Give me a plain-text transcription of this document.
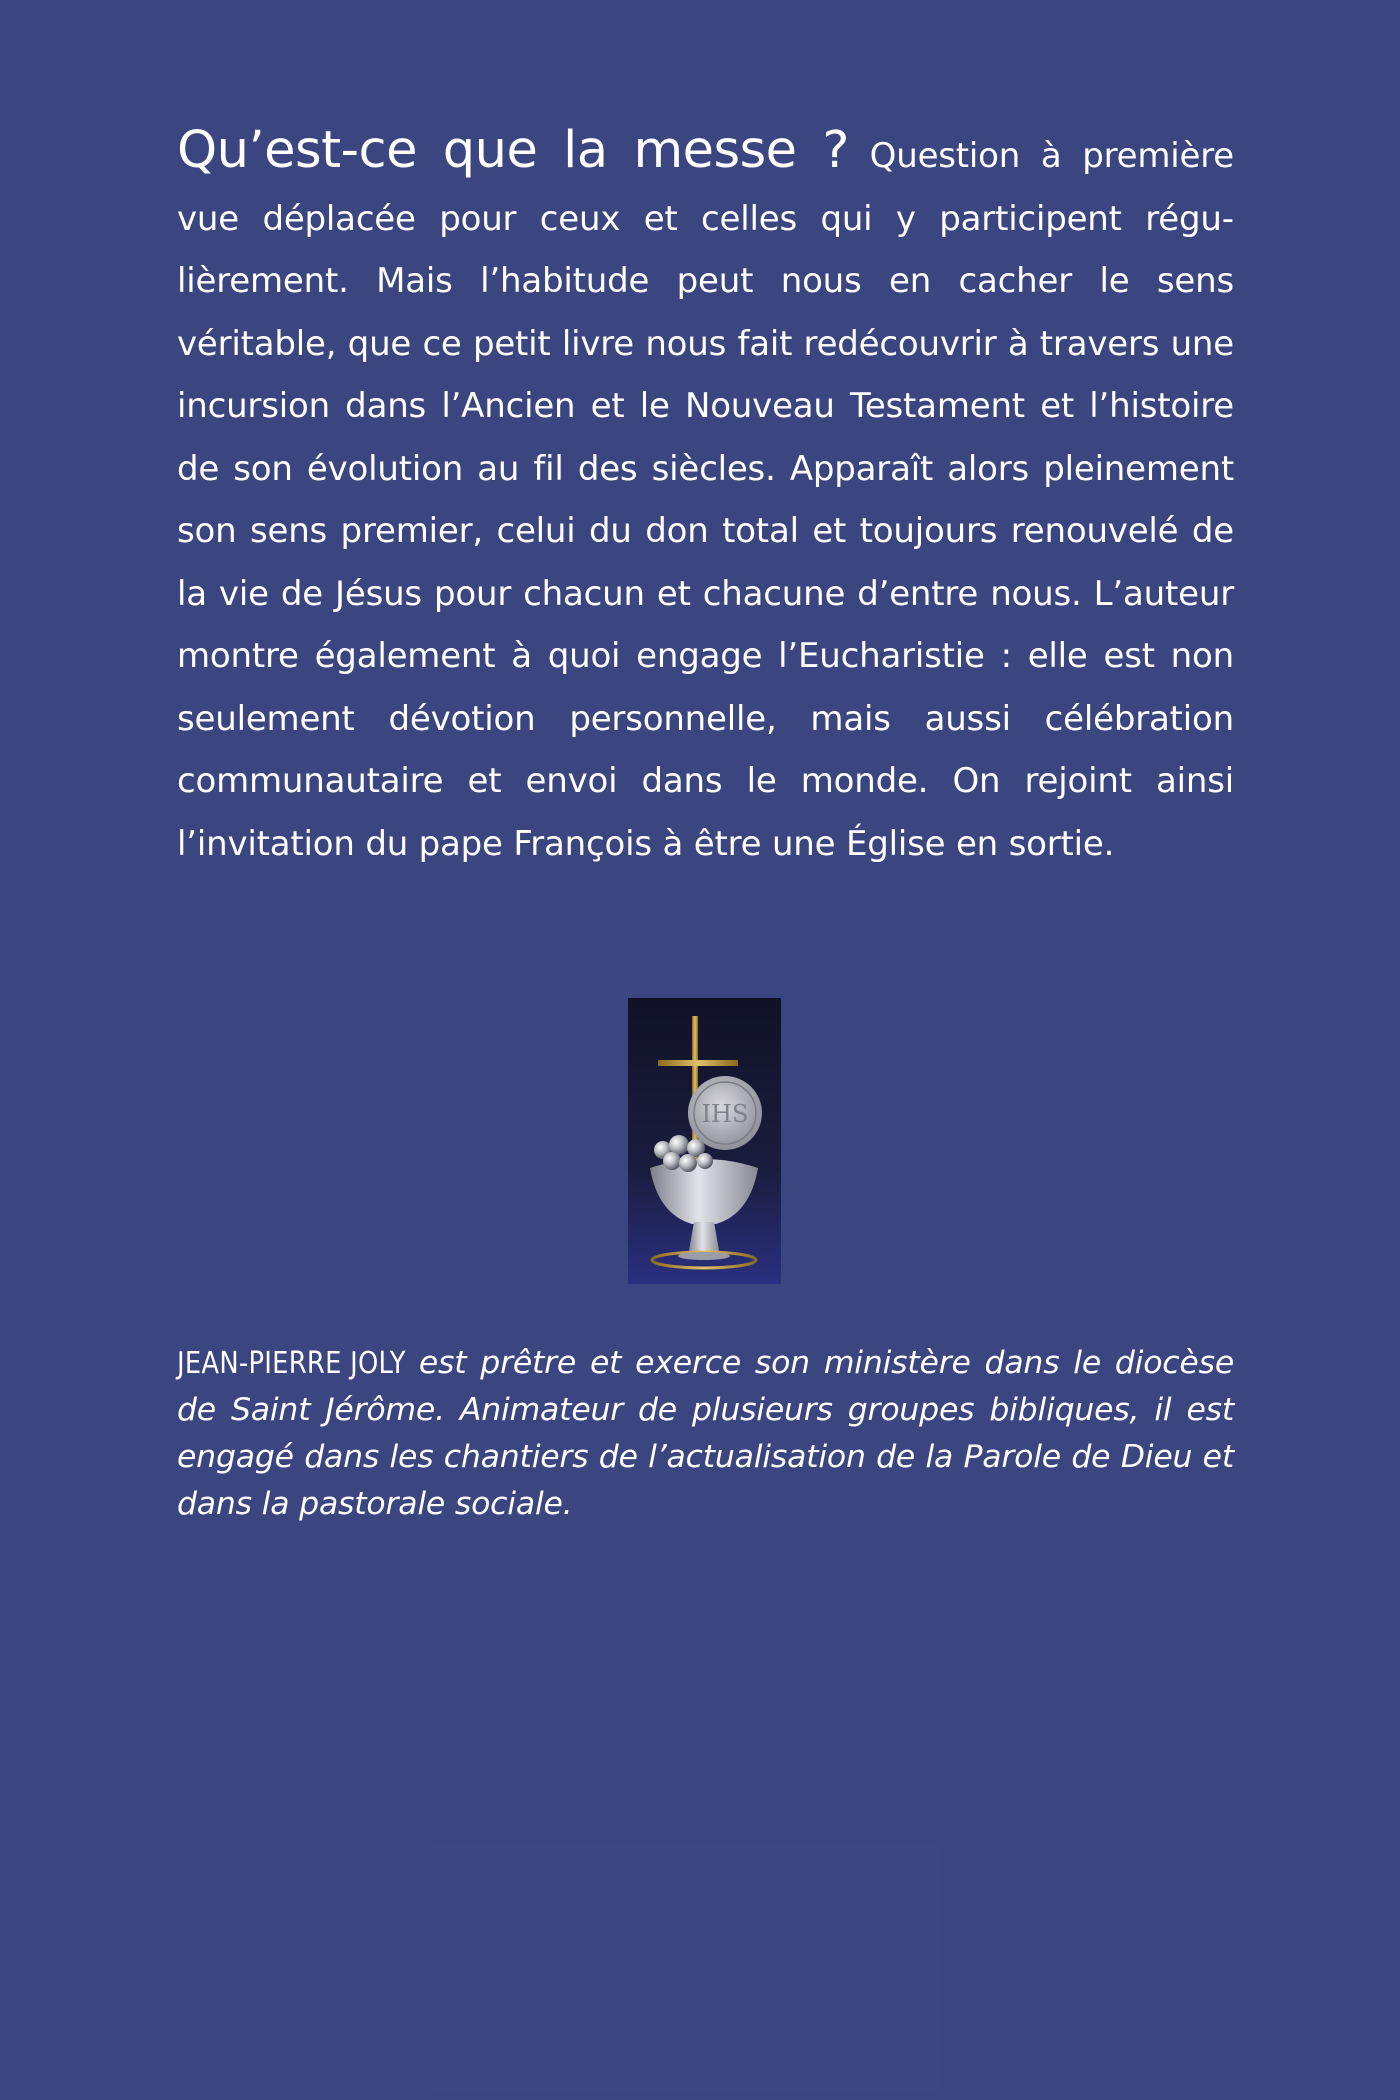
Qu’est-ce que la messe ? Question à première vue déplacée pour ceux et celles qui y participent régulièrement. Mais l’habitude peut nous en cacher le sens véritable, que ce petit livre nous fait redécouvrir à travers une incursion dans l’Ancien et le Nouveau Testament et l’histoire de son évolution au fil des siècles. Apparaît alors pleinement son sens premier, celui du don total et toujours renouvelé de la vie de Jésus pour chacun et chacune d’entre nous. L’auteur montre également à quoi engage l’Eucharistie : elle est non seulement dévotion personnelle, mais aussi célébration communautaire et envoi dans le monde. On rejoint ainsi l’invitation du pape François à être une Église en sortie.

IHS

JEAN-PIERRE JOLY est prêtre et exerce son ministère dans le diocèse de Saint Jérôme. Animateur de plusieurs groupes bibliques, il est engagé dans les chantiers de l’actualisation de la Parole de Dieu et dans la pastorale sociale.
